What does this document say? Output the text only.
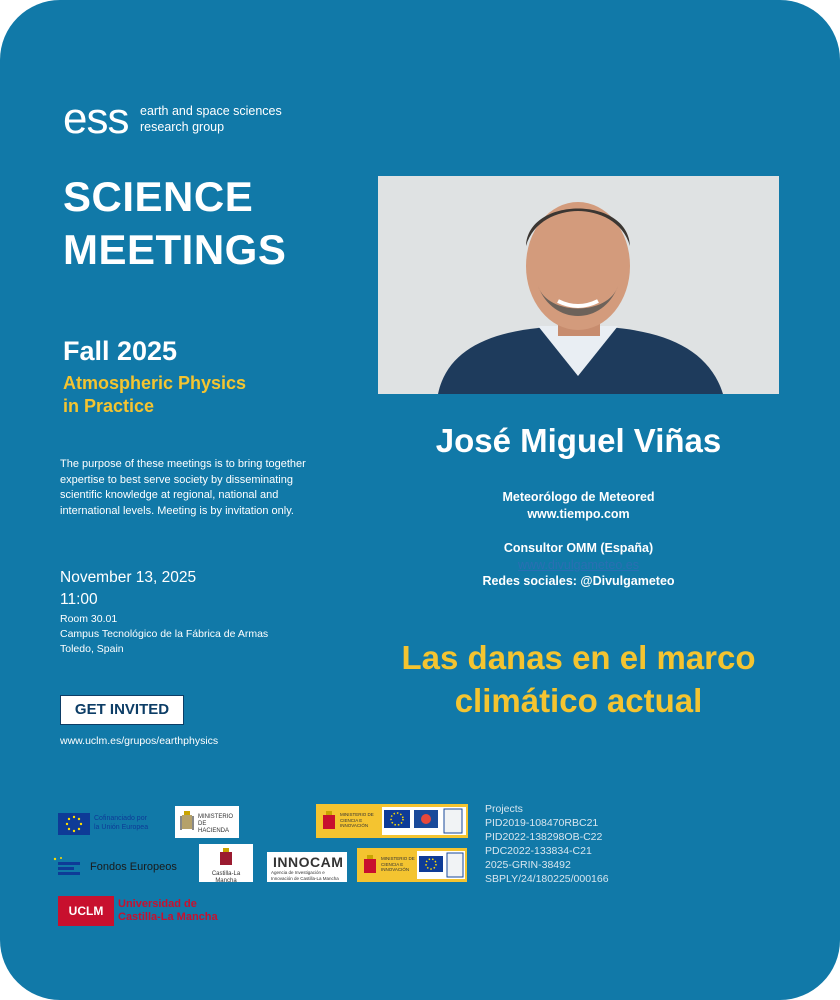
ess earth and space sciences
research group
SCIENCE
MEETINGS
Fall 2025
Atmospheric Physics
in Practice
The purpose of these meetings is to bring together expertise to best serve society by disseminating scientific knowledge at regional, national and international levels. Meeting is by invitation only.
November 13, 2025
11:00
Room 30.01
Campus Tecnológico de la Fábrica de Armas
Toledo, Spain
GET INVITED
www.uclm.es/grupos/earthphysics
José Miguel Viñas
Meteorólogo de Meteored
www.tiempo.com
Consultor OMM (España)
www.divulgameteo.es
Redes sociales: @Divulgameteo
Las danas en el marco
climático actual
Cofinanciado por
la Unión Europea
MINISTERIO DE HACIENDA
Fondos Europeos
Castilla-La Mancha
INNOCAM
Agencia de Investigación e Innovación de Castilla-La Mancha
MINISTERIO DE CIENCIA E INNOVACIÓN
MINISTERIO DE CIENCIA E INNOVACIÓN
UCLM	Universidad de
Castilla-La Mancha
Projects
PID2019-108470RBC21
PID2022-138298OB-C22
PDC2022-133834-C21
2025-GRIN-38492
SBPLY/24/180225/000166
